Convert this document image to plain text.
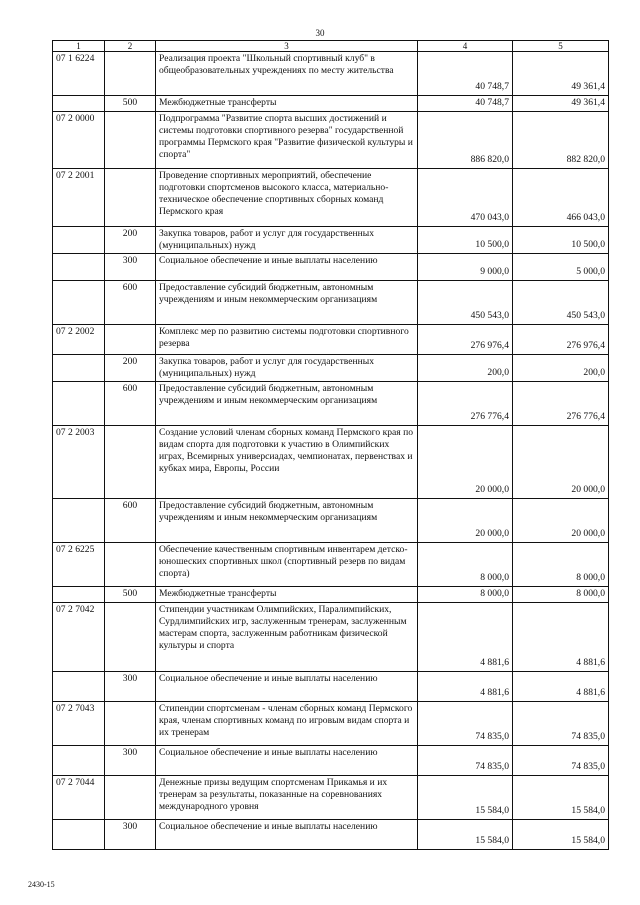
30
1	2	3	4	5
07 1 6224		Реализация проекта "Школьный спортивный клуб" в общеобразовательных учреждениях по месту жительства	40 748,7	49 361,4
	500	Межбюджетные трансферты	40 748,7	49 361,4
07 2 0000		Подпрограмма "Развитие спорта высших достижений и системы подготовки спортивного резерва" государственной программы Пермского края "Развитие физической культуры и спорта"	886 820,0	882 820,0
07 2 2001		Проведение спортивных мероприятий, обеспечение подготовки спортсменов высокого класса, материально-техническое обеспечение спортивных сборных команд Пермского края	470 043,0	466 043,0
	200	Закупка товаров, работ и услуг для государственных (муниципальных) нужд	10 500,0	10 500,0
	300	Социальное обеспечение и иные выплаты населению	9 000,0	5 000,0
	600	Предоставление субсидий бюджетным, автономным учреждениям и иным некоммерческим организациям	450 543,0	450 543,0
07 2 2002		Комплекс мер по развитию системы подготовки спортивного резерва	276 976,4	276 976,4
	200	Закупка товаров, работ и услуг для государственных (муниципальных) нужд	200,0	200,0
	600	Предоставление субсидий бюджетным, автономным учреждениям и иным некоммерческим организациям	276 776,4	276 776,4
07 2 2003		Создание условий членам сборных команд Пермского края по видам спорта для подготовки к участию в Олимпийских играх, Всемирных универсиадах, чемпионатах, первенствах и кубках мира, Европы, России	20 000,0	20 000,0
	600	Предоставление субсидий бюджетным, автономным учреждениям и иным некоммерческим организациям	20 000,0	20 000,0
07 2 6225		Обеспечение качественным спортивным инвентарем детско-юношеских спортивных школ (спортивный резерв по видам спорта)	8 000,0	8 000,0
	500	Межбюджетные трансферты	8 000,0	8 000,0
07 2 7042		Стипендии участникам Олимпийских, Паралимпийских, Сурдлимпийских игр, заслуженным тренерам, заслуженным мастерам спорта, заслуженным работникам физической культуры и спорта	4 881,6	4 881,6
	300	Социальное обеспечение и иные выплаты населению	4 881,6	4 881,6
07 2 7043		Стипендии спортсменам - членам сборных команд Пермского края, членам спортивных команд по игровым видам спорта и их тренерам	74 835,0	74 835,0
	300	Социальное обеспечение и иные выплаты населению	74 835,0	74 835,0
07 2 7044		Денежные призы ведущим спортсменам Прикамья и их тренерам за результаты, показанные на соревнованиях международного уровня	15 584,0	15 584,0
	300	Социальное обеспечение и иные выплаты населению	15 584,0	15 584,0
2430-15
